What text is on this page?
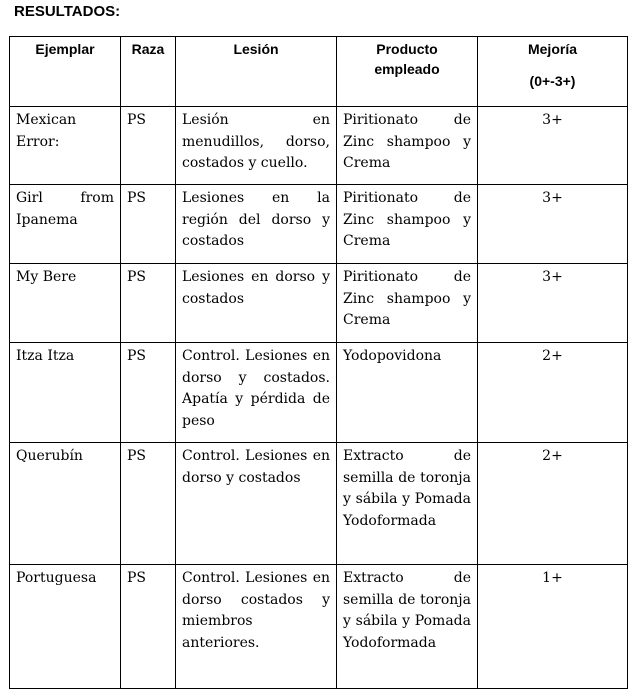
RESULTADOS:
Ejemplar	Raza	Lesión	Producto empleado	Mejoría
(0+-3+)

Mexican Error:	PS	Lesión en menudillos, dorso, costados y cuello.	Piritionato de Zinc shampoo y Crema	3+
Girl from Ipanema	PS	Lesiones en la región del dorso y costados	Piritionato de Zinc shampoo y Crema	3+
My Bere	PS	Lesiones en dorso y costados	Piritionato de Zinc shampoo y Crema	3+
Itza Itza	PS	Control. Lesiones en dorso y costados. Apatía y pérdida de peso	Yodopovidona	2+
Querubín	PS	Control. Lesiones en dorso y costados	Extracto de semilla de toronja y sábila y Pomada Yodoformada	2+
Portuguesa	PS	Control. Lesiones en dorso costados y miembros anteriores.	Extracto de semilla de toronja y sábila y Pomada Yodoformada	1+
